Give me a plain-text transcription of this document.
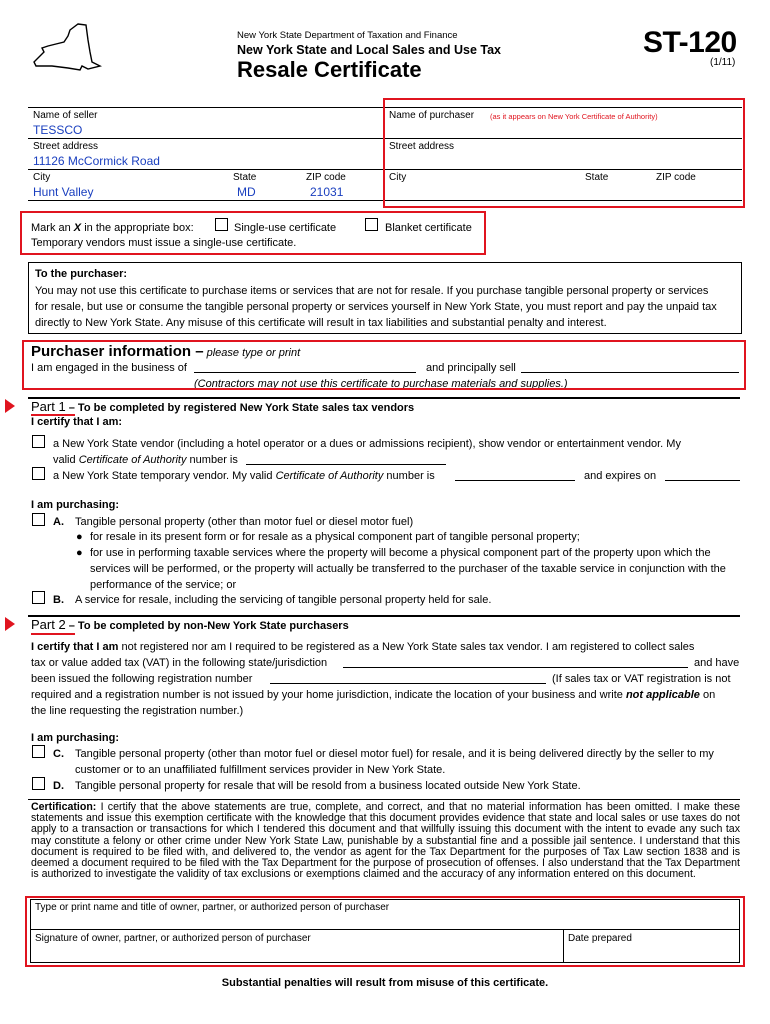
New York State Department of Taxation and Finance
New York State and Local Sales and Use Tax
Resale Certificate
ST-120
(1/11)
Name of seller
TESSCO
Street address
11126 McCormick Road
City
Hunt Valley
State
MD
ZIP code
21031
Name of purchaser (as it appears on New York Certificate of Authority)
Street address
City	State	ZIP code
Mark an X in the appropriate box:	Single-use certificate	Blanket certificate
Temporary vendors must issue a single-use certificate.
To the purchaser:
You may not use this certificate to purchase items or services that are not for resale. If you purchase tangible personal property or services
for resale, but use or consume the tangible personal property or services yourself in New York State, you must report and pay the unpaid tax
directly to New York State. Any misuse of this certificate will result in tax liabilities and substantial penalty and interest.
Purchaser information – please type or print
I am engaged in the business of	and principally sell
(Contractors may not use this certificate to purchase materials and supplies.)
Part 1 – To be completed by registered New York State sales tax vendors
I certify that I am:
a New York State vendor (including a hotel operator or a dues or admissions recipient), show vendor or entertainment vendor. My
valid Certificate of Authority number is
a New York State temporary vendor. My valid Certificate of Authority number is	and expires on
I am purchasing:
A. Tangible personal property (other than motor fuel or diesel motor fuel)
● for resale in its present form or for resale as a physical component part of tangible personal property;
● for use in performing taxable services where the property will become a physical component part of the property upon which the
services will be performed, or the property will actually be transferred to the purchaser of the taxable service in conjunction with the
performance of the service; or
B. A service for resale, including the servicing of tangible personal property held for sale.
Part 2 – To be completed by non-New York State purchasers
I certify that I am not registered nor am I required to be registered as a New York State sales tax vendor. I am registered to collect sales
tax or value added tax (VAT) in the following state/jurisdiction	and have
been issued the following registration number	(If sales tax or VAT registration is not
required and a registration number is not issued by your home jurisdiction, indicate the location of your business and write not applicable on
the line requesting the registration number.)
I am purchasing:
C. Tangible personal property (other than motor fuel or diesel motor fuel) for resale, and it is being delivered directly by the seller to my
customer or to an unaffiliated fulfillment services provider in New York State.
D. Tangible personal property for resale that will be resold from a business located outside New York State.
Certification: I certify that the above statements are true, complete, and correct, and that no material information has been omitted. I make these statements and issue this exemption certificate with the knowledge that this document provides evidence that state and local sales or use taxes do not apply to a transaction or transactions for which I tendered this document and that willfully issuing this document with the intent to evade any such tax may constitute a felony or other crime under New York State Law, punishable by a substantial fine and a possible jail sentence. I understand that this document is required to be filed with, and delivered to, the vendor as agent for the Tax Department for the purposes of Tax Law section 1838 and is deemed a document required to be filed with the Tax Department for the purpose of prosecution of offenses. I also understand that the Tax Department is authorized to investigate the validity of tax exclusions or exemptions claimed and the accuracy of any information entered on this document.
Type or print name and title of owner, partner, or authorized person of purchaser
Signature of owner, partner, or authorized person of purchaser	Date prepared
Substantial penalties will result from misuse of this certificate.
